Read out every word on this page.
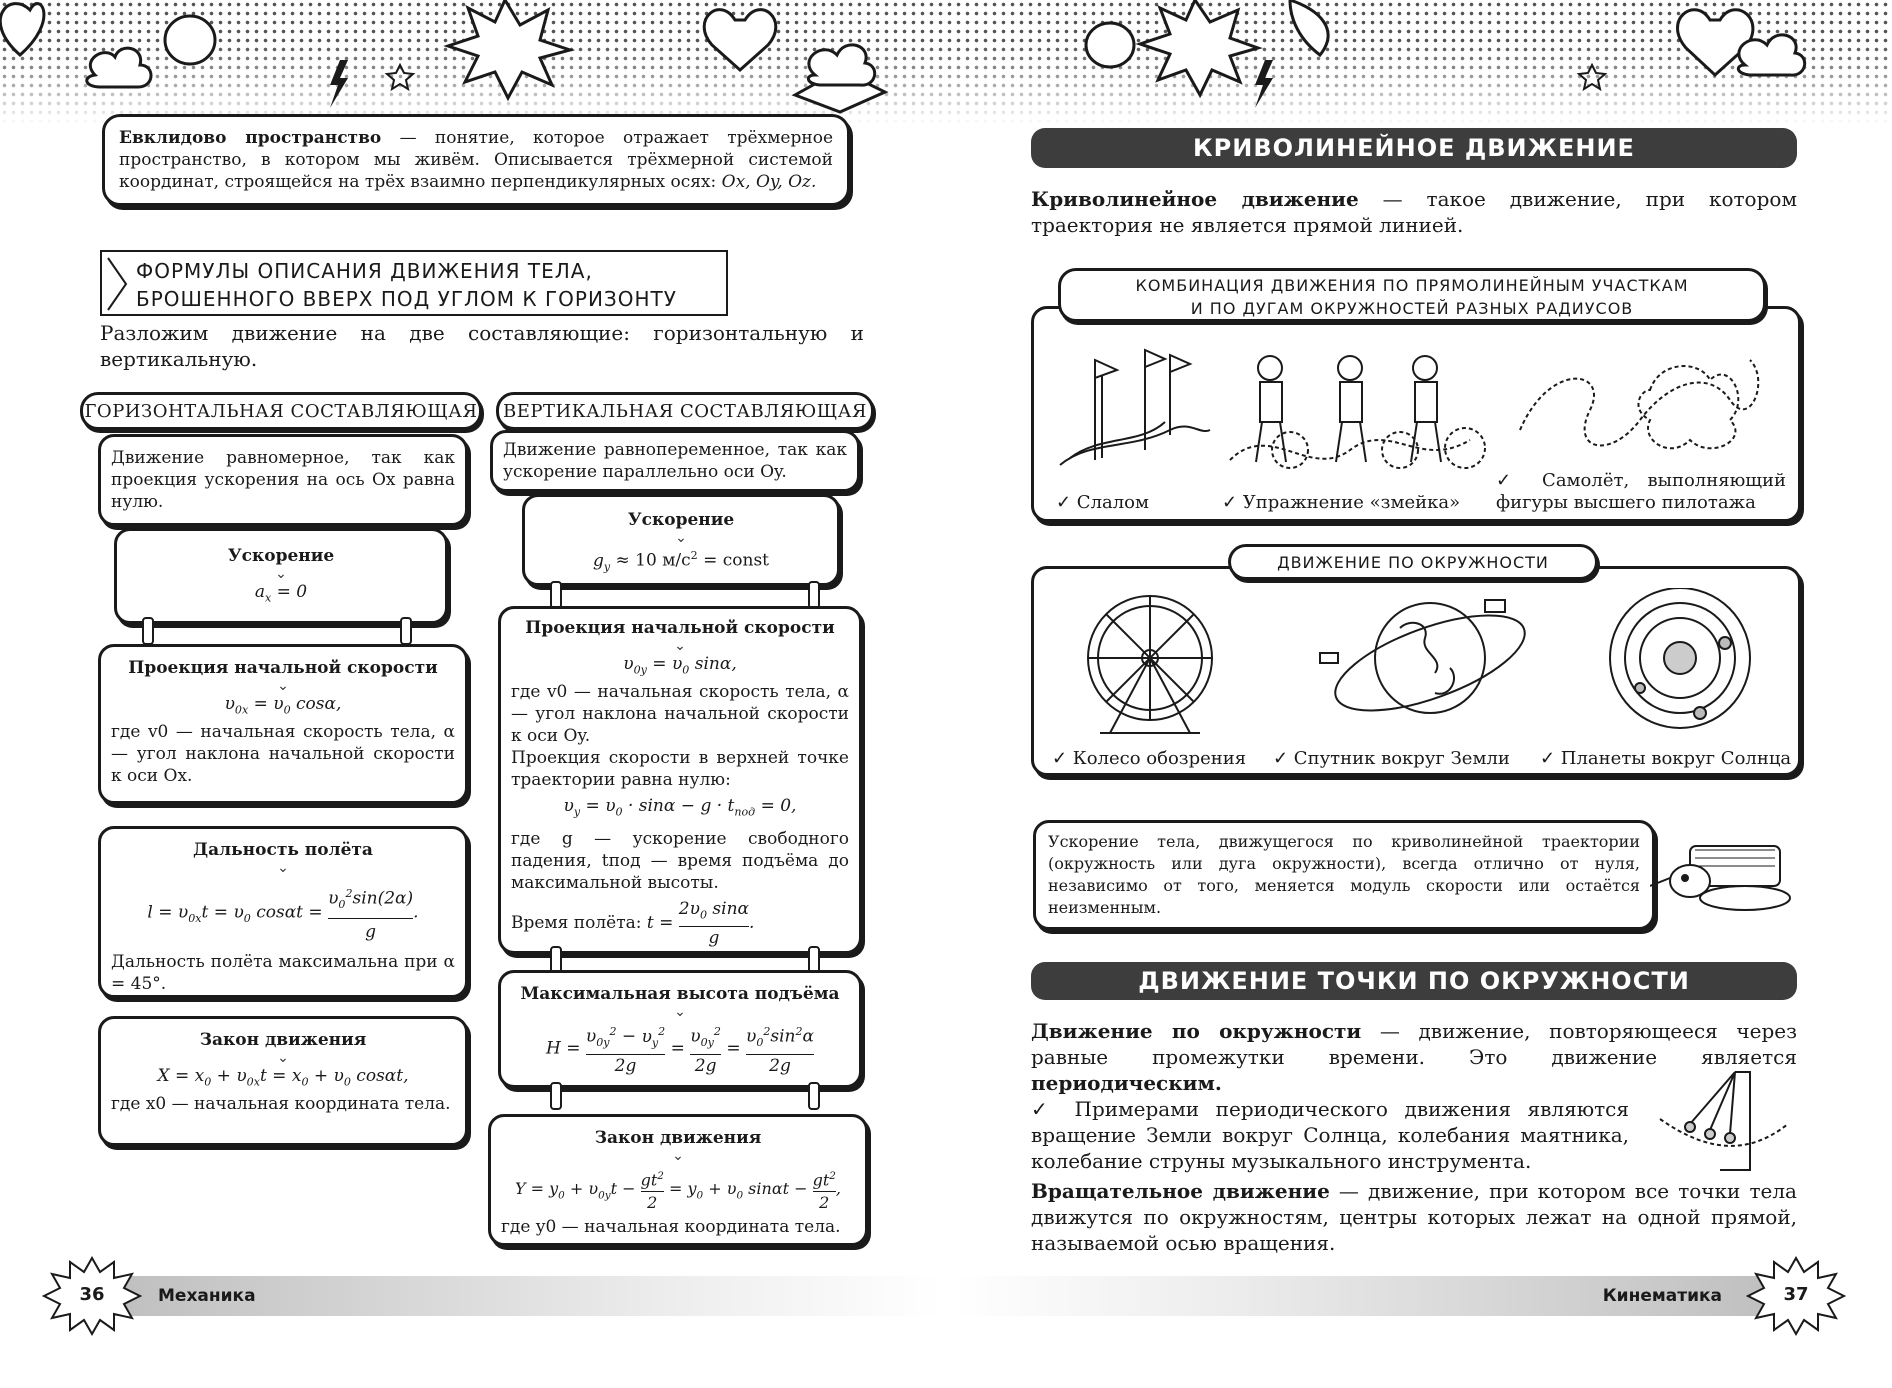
Евклидово пространство — понятие, которое отражает трёхмерное пространство, в котором мы живём. Описывается трёхмерной системой координат, строящейся на трёх взаимно перпендикулярных осях: Ox, Oy, Oz.
ФОРМУЛЫ ОПИСАНИЯ ДВИЖЕНИЯ ТЕЛА,
БРОШЕННОГО ВВЕРХ ПОД УГЛОМ К ГОРИЗОНТУ
Разложим движение на две составляющие: горизонтальную и вертикальную.
ГОРИЗОНТАЛЬНАЯ СОСТАВЛЯЮЩАЯ	ВЕРТИКАЛЬНАЯ СОСТАВЛЯЮЩАЯ
Движение равномерное, так как проекция ускорения на ось Ox равна нулю.
Ускорение
⌄
$a_x = 0$
Проекция начальной скорости
⌄
$\upsilon_{0x} = \upsilon_0$ cosα,
где v0 — начальная скорость тела, α — угол наклона начальной скорости к оси Ox.
Дальность полёта
⌄
$l = \upsilon_{0x}t = \upsilon_0$ $\cos\alpha t = \frac{\upsilon_0^2\sin(2\alpha)}{g}$ .
Дальность полёта максимальна при α = 45°.
Закон движения
⌄
$X = x_0 + \upsilon_{0x}t = x_0 + \upsilon_0$ cosαt,
где x0 — начальная координата тела.
Движение равнопеременное, так как ускорение параллельно оси Oy.
Ускорение
⌄
$g_y \approx 10$ $м/с^2$ = const
Проекция начальной скорости
⌄
$\upsilon_{0y} = \upsilon_0$ sinα,
где v0 — начальная скорость тела, α — угол наклона начальной скорости к оси Oy.
Проекция скорости в верхней точке траектории равна нулю:
$\upsilon_y = \upsilon_0 \cdot \sin\alpha - g \cdot t_{под} = 0$,
где g — ускорение свободного падения, tпод — время подъёма до максимальной высоты.
Время полёта: $t = \frac{2\upsilon_0 \sin\alpha}{g}$ .
Максимальная высота подъёма
⌄
$H = \frac{\upsilon_{0y}^2 - \upsilon_y^2}{2g} = \frac{\upsilon_{0y}^2}{2g} = \frac{\upsilon_0^2\sin^2\alpha}{2g}$
Закон движения
⌄
$Y = y_0 + \upsilon_{0y}t - \frac{gt^2}{2} = y_0 + \upsilon_0$ $\sin\alpha t - \frac{gt^2}{2}$ ,
где y0 — начальная координата тела.
Механика
36
КРИВОЛИНЕЙНОЕ ДВИЖЕНИЕ
Криволинейное движение — такое движение, при котором траектория не является прямой линией.
КОМБИНАЦИЯ ДВИЖЕНИЯ ПО ПРЯМОЛИНЕЙНЫМ УЧАСТКАМ
И ПО ДУГАМ ОКРУЖНОСТЕЙ РАЗНЫХ РАДИУСОВ
✓ Слалом	✓ Упражнение «змейка»
✓ Самолёт, выполняющий фигуры высшего пилотажа
ДВИЖЕНИЕ ПО ОКРУЖНОСТИ
✓ Колесо обозрения ✓ Спутник вокруг Земли ✓ Планеты вокруг Солнца
Ускорение тела, движущегося по криволинейной траектории (окружность или дуга окружности), всегда отлично от нуля, независимо от того, меняется модуль скорости или остаётся неизменным.
ДВИЖЕНИЕ ТОЧКИ ПО ОКРУЖНОСТИ
Движение по окружности — движение, повторяющееся через равные промежутки времени. Это движение является периодическим.
✓ Примерами периодического движения являются вращение Земли вокруг Солнца, колебания маятника, колебание струны музыкального инструмента.
Вращательное движение — движение, при котором все точки тела движутся по окружностям, центры которых лежат на одной прямой, называемой осью вращения.
Кинематика	37
